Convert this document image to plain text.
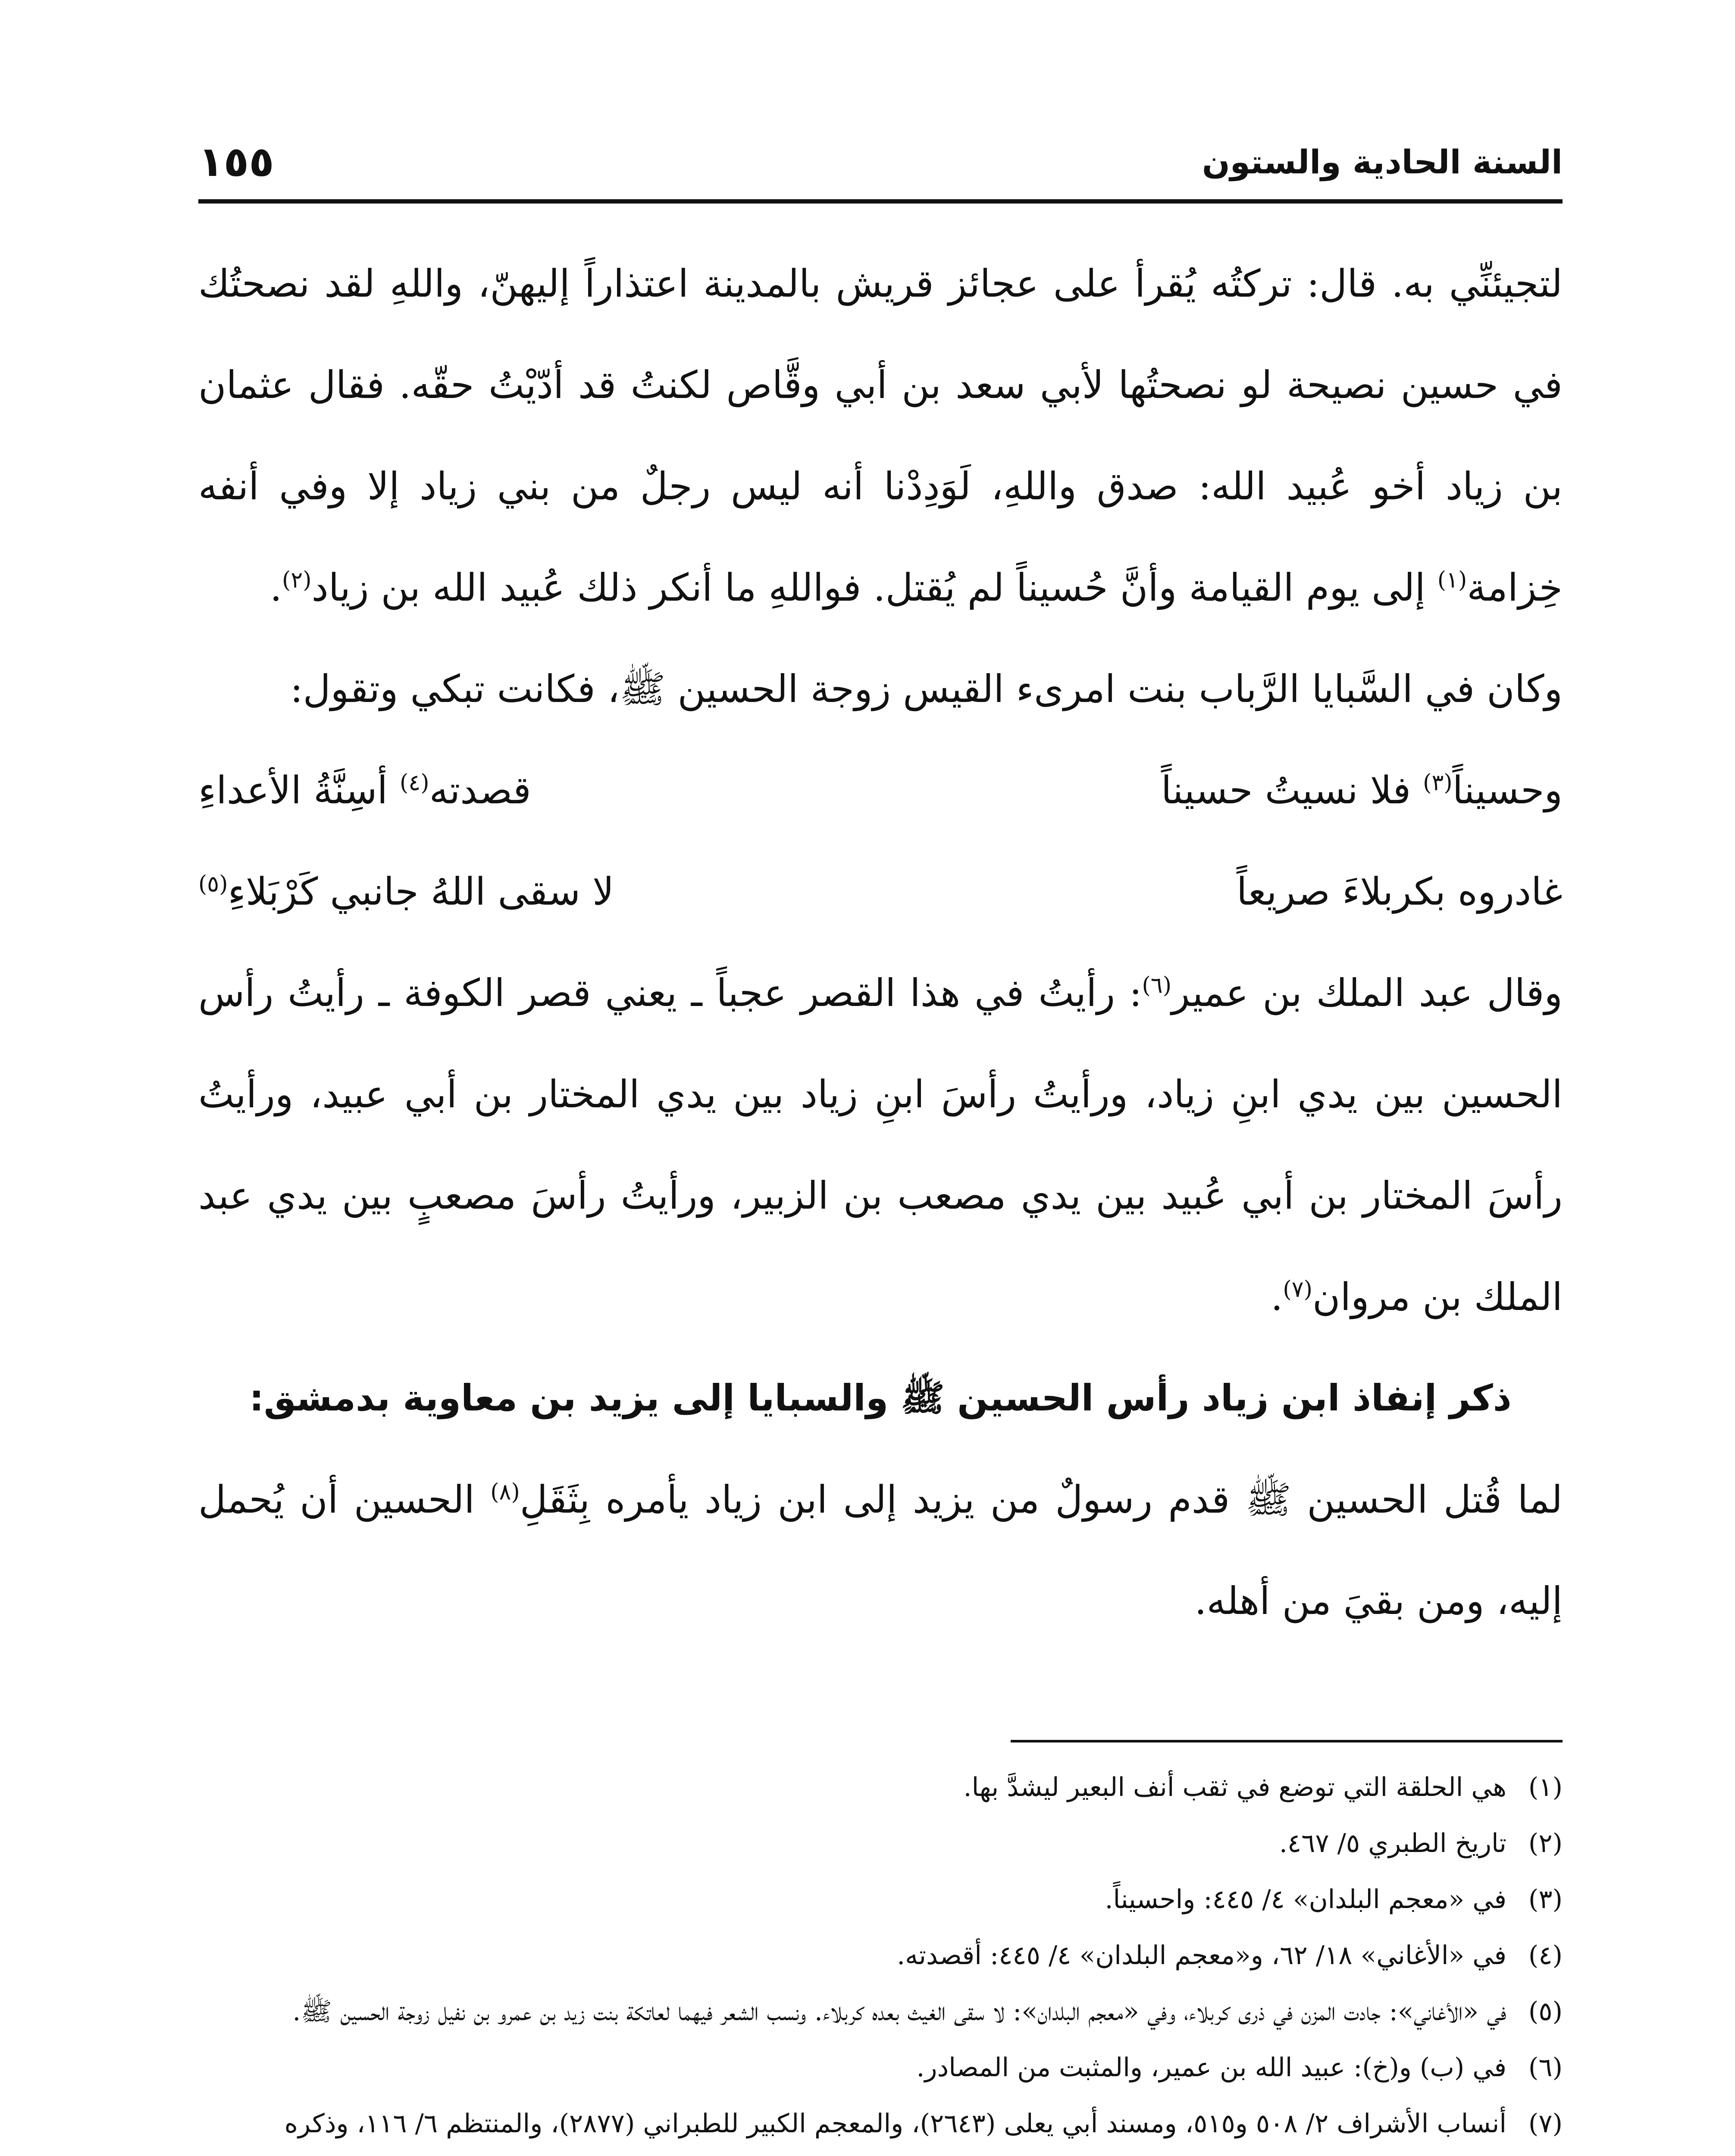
السنة الحادية والستون
١٥٥

لتجيئنِّي به. قال: تركتُه يُقرأ على عجائز قريش بالمدينة اعتذاراً إليهنّ، واللهِ لقد نصحتُك في حسين نصيحة لو نصحتُها لأبي سعد بن أبي وقَّاص لكنتُ قد أدّيْتُ حقّه. فقال عثمان بن زياد أخو عُبيد الله: صدق واللهِ، لَوَدِدْنا أنه ليس رجلٌ من بني زياد إلا وفي أنفه خِزامة$^{(١)}$ إلى يوم القيامة وأنَّ حُسيناً لم يُقتل. فواللهِ ما أنكر ذلك عُبيد الله بن زياد$^{(٢)}$.

وكان في السَّبايا الرَّباب بنت امرىء القيس زوجة الحسين ﷺ، فكانت تبكي وتقول:

وحسيناً$^{(٣)}$ فلا نسيتُ حسيناً
قصدته$^{(٤)}$ أسِنَّةُ الأعداءِ
غادروه بكربلاءَ صريعاً
لا سقى اللهُ جانبي كَرْبَلاءِ$^{(٥)}$

وقال عبد الملك بن عمير$^{(٦)}$: رأيتُ في هذا القصر عجباً ـ يعني قصر الكوفة ـ رأيتُ رأس الحسين بين يدي ابنِ زياد، ورأيتُ رأسَ ابنِ زياد بين يدي المختار بن أبي عبيد، ورأيتُ رأسَ المختار بن أبي عُبيد بين يدي مصعب بن الزبير، ورأيتُ رأسَ مصعبٍ بين يدي عبد الملك بن مروان$^{(٧)}$.

ذكر إنفاذ ابن زياد رأس الحسين ﷺ والسبايا إلى يزيد بن معاوية بدمشق:

لما قُتل الحسين ﷺ قدم رسولٌ من يزيد إلى ابن زياد يأمره بِثَقَلِ$^{(٨)}$ الحسين أن يُحمل إليه، ومن بقيَ من أهله.

(١)
هي الحلقة التي توضع في ثقب أنف البعير ليشدَّ بها.
(٢)
تاريخ الطبري ٥/ ٤٦٧.
(٣)
في «معجم البلدان» ٤/ ٤٤٥: واحسيناً.
(٤)
في «الأغاني» ١٨/ ٦٢، و«معجم البلدان» ٤/ ٤٤٥: أقصدته.
(٥)
في «الأغاني»: جادت المزن في ذرى كربلاء، وفي «معجم البلدان»: لا سقى الغيث بعده كربلاء. ونسب الشعر فيهما لعاتكة بنت زيد بن عمرو بن نفيل زوجة الحسين ﷺ.
(٦)
في (ب) و(خ): عبيد الله بن عمير، والمثبت من المصادر.
(٧)
أنساب الأشراف ٢/ ٥٠٨ و٥١٥، ومسند أبي يعلى (٢٦٤٣)، والمعجم الكبير للطبراني (٢٨٧٧)، والمنتظم ٦/ ١١٦، وذكره
